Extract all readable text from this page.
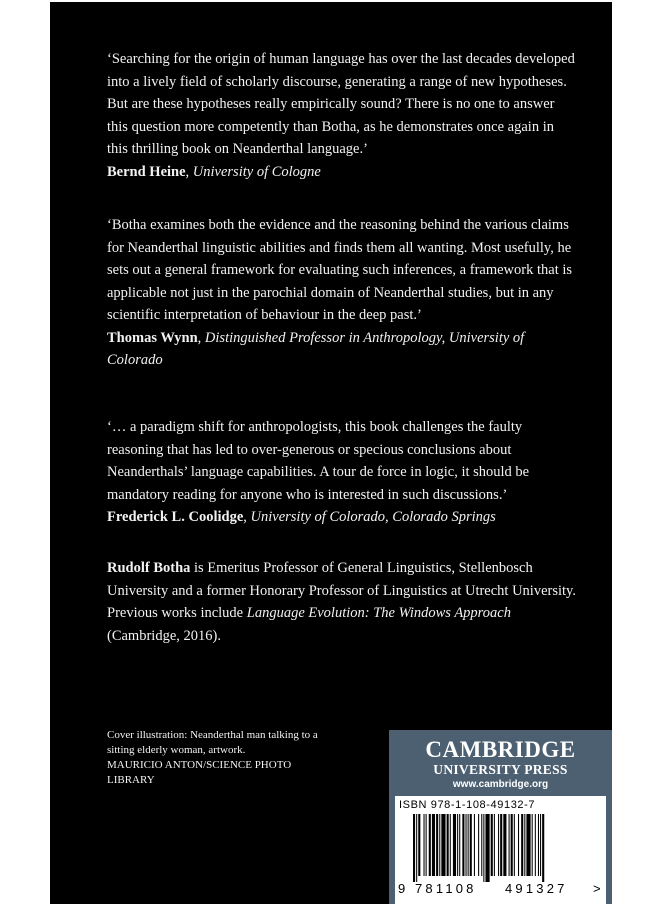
‘Searching for the origin of human language has over the last decades developed into a lively field of scholarly discourse, generating a range of new hypotheses. But are these hypotheses really empirically sound? There is no one to answer this question more competently than Botha, as he demonstrates once again in this thrilling book on Neanderthal language.’

Bernd Heine, University of Cologne

‘Botha examines both the evidence and the reasoning behind the various claims for Neanderthal linguistic abilities and finds them all wanting. Most usefully, he sets out a general framework for evaluating such inferences, a framework that is applicable not just in the parochial domain of Neanderthal studies, but in any scientific interpretation of behaviour in the deep past.’

Thomas Wynn, Distinguished Professor in Anthropology, University of Colorado

‘… a paradigm shift for anthropologists, this book challenges the faulty reasoning that has led to over-generous or specious conclusions about Neanderthals’ language capabilities. A tour de force in logic, it should be mandatory reading for anyone who is interested in such discussions.’

Frederick L. Coolidge, University of Colorado, Colorado Springs

Rudolf Botha is Emeritus Professor of General Linguistics, Stellenbosch University and a former Honorary Professor of Linguistics at Utrecht University. Previous works include Language Evolution: The Windows Approach (Cambridge, 2016).

Cover illustration: Neanderthal man talking to a sitting elderly woman, artwork.
MAURICIO ANTON/SCIENCE PHOTO LIBRARY
CAMBRIDGE
UNIVERSITY PRESS
www.cambridge.org
ISBN 978-1-108-49132-7
9 781108 491327 >
